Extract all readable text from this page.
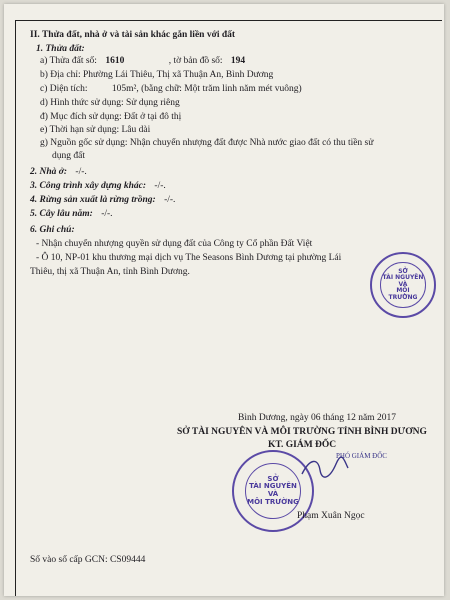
II. Thửa đất, nhà ở và tài sản khác gắn liền với đất
1. Thửa đất:
a) Thửa đất số: 1610	, tờ bản đồ số: 194
b) Địa chỉ: Phường Lái Thiêu, Thị xã Thuận An, Bình Dương
c) Diện tích:	105m², (bằng chữ: Một trăm linh năm mét vuông)
d) Hình thức sử dụng: Sử dụng riêng
đ) Mục đích sử dụng: Đất ở tại đô thị
e) Thời hạn sử dụng: Lâu dài
g) Nguồn gốc sử dụng: Nhận chuyển nhượng đất được Nhà nước giao đất có thu tiền sử
dụng đất
2. Nhà ở: -/-.
3. Công trình xây dựng khác: -/-.
4. Rừng sản xuất là rừng trồng: -/-.
5. Cây lâu năm: -/-.
6. Ghi chú:
- Nhận chuyển nhượng quyền sử dụng đất của Công ty Cổ phần Đất Việt
- Ô 10, NP-01 khu thương mại dịch vụ The Seasons Bình Dương tại phường Lái
Thiêu, thị xã Thuận An, tỉnh Bình Dương.	SỞ
TÀI NGUYÊN
VÀ
MÔI TRƯỜNG
Bình Dương, ngày 06 tháng 12 năm 2017
SỞ TÀI NGUYÊN VÀ MÔI TRƯỜNG TỈNH BÌNH DƯƠNG
KT. GIÁM ĐỐC
SỞ
TÀI NGUYÊN
VÀ
MÔI TRƯỜNG
PHÓ GIÁM ĐỐC
Phạm Xuân Ngọc
Số vào sổ cấp GCN: CS09444
